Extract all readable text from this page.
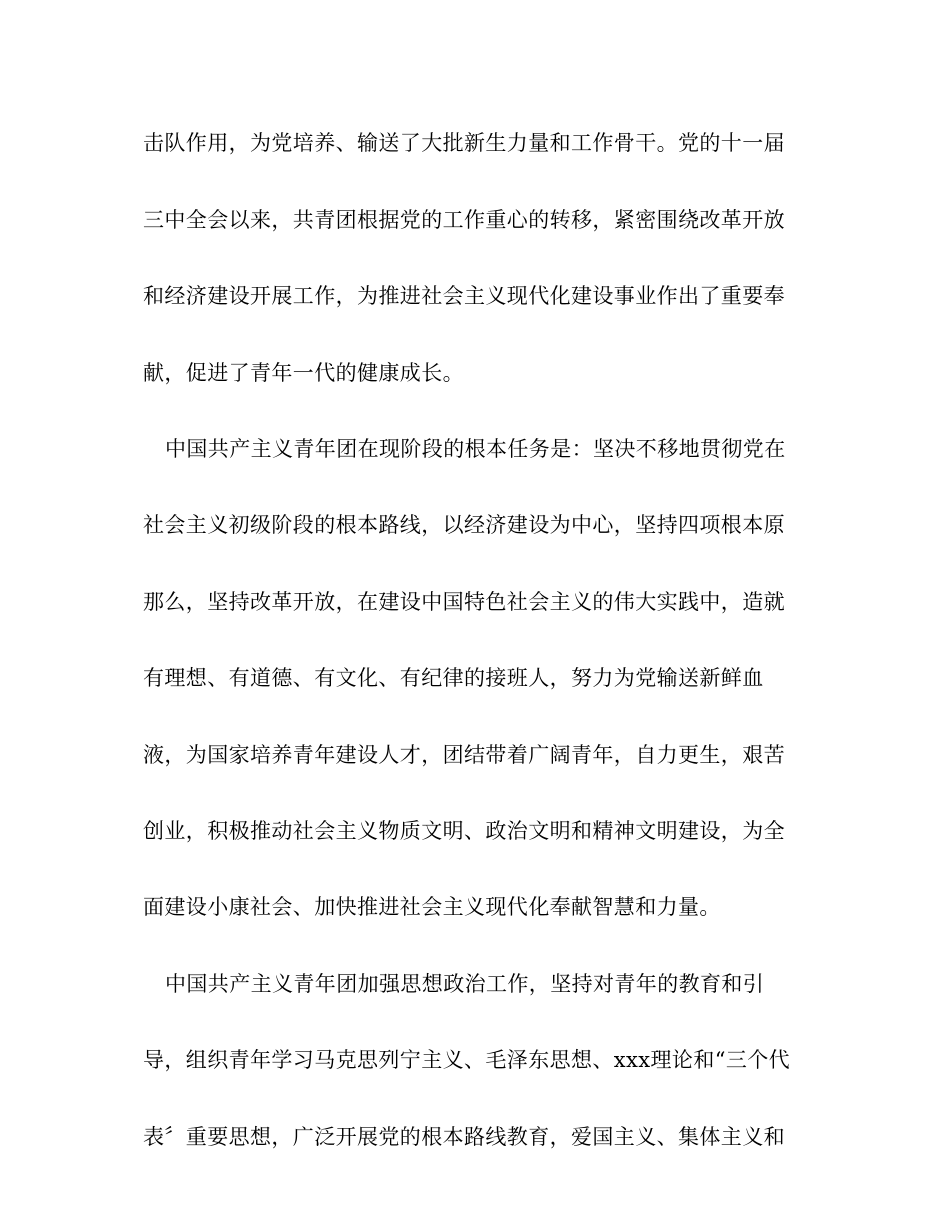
击队作用，为党培养、输送了大批新生力量和工作骨干。党的十一届
三中全会以来，共青团根据党的工作重心的转移，紧密围绕改革开放
和经济建设开展工作，为推进社会主义现代化建设事业作出了重要奉
献，促进了青年一代的健康成长。
中国共产主义青年团在现阶段的根本任务是：坚决不移地贯彻党在
社会主义初级阶段的根本路线，以经济建设为中心，坚持四项根本原
那么，坚持改革开放，在建设中国特色社会主义的伟大实践中，造就
有理想、有道德、有文化、有纪律的接班人，努力为党输送新鲜血
液，为国家培养青年建设人才，团结带着广阔青年，自力更生，艰苦
创业，积极推动社会主义物质文明、政治文明和精神文明建设，为全
面建设小康社会、加快推进社会主义现代化奉献智慧和力量。
中国共产主义青年团加强思想政治工作，坚持对青年的教育和引
导，组织青年学习马克思列宁主义、毛泽东思想、xxx理论和“三个代
表〞重要思想，广泛开展党的根本路线教育，爱国主义、集体主义和
